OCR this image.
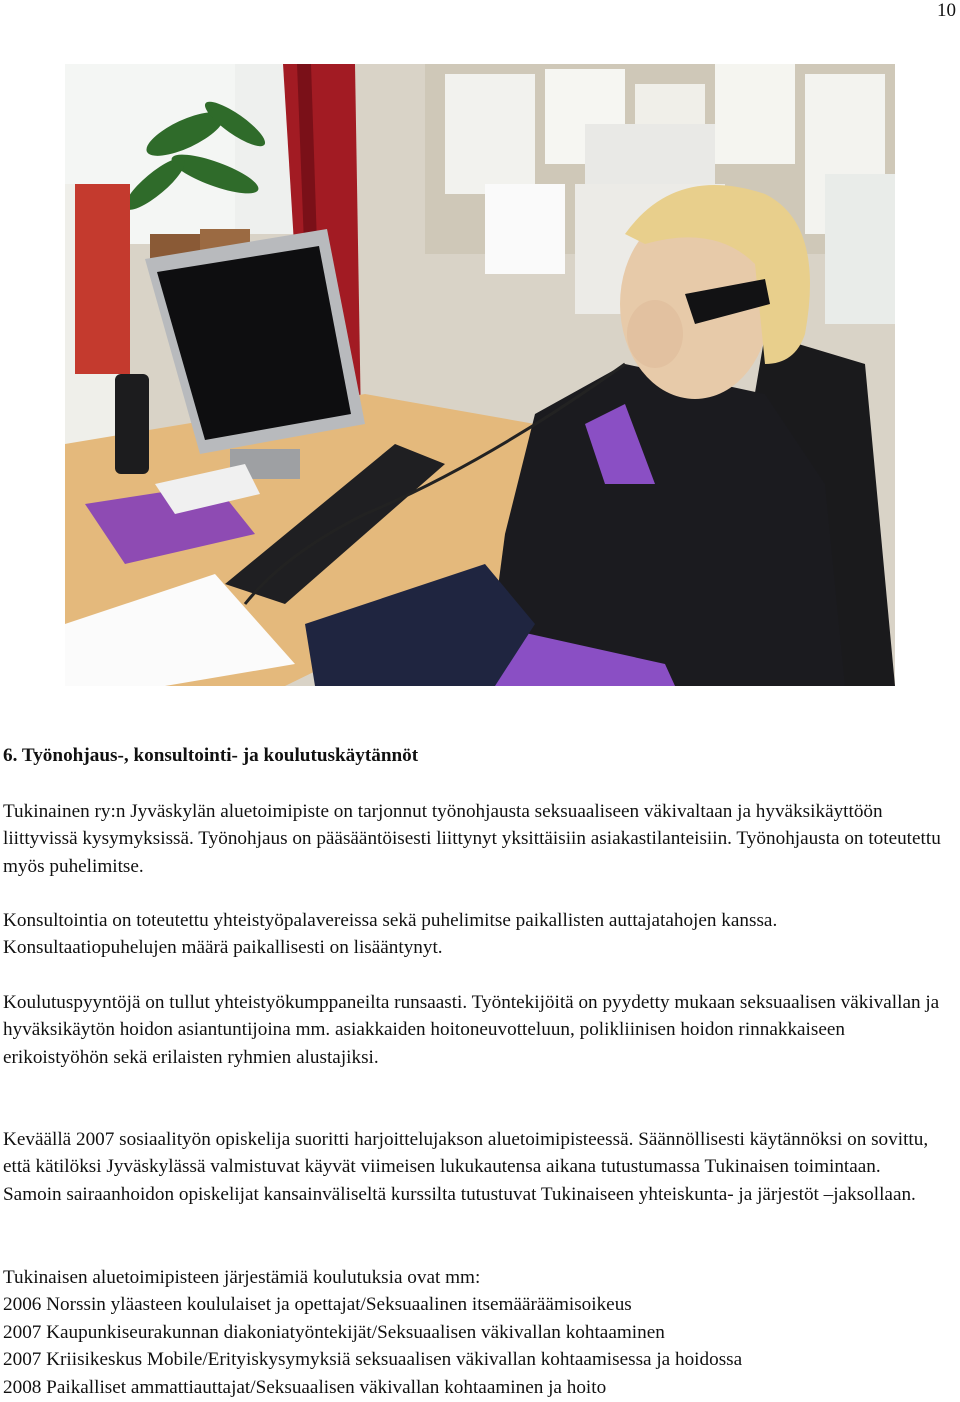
10
6. Työnohjaus-, konsultointi- ja koulutuskäytännöt

Tukinainen ry:n Jyväskylän aluetoimipiste on tarjonnut työnohjausta seksuaaliseen väkivaltaan ja hyväksikäyttöön liittyvissä kysymyksissä. Työnohjaus on pääsääntöisesti liittynyt yksittäisiin asiakastilanteisiin. Työnohjausta on toteutettu myös puhelimitse.

Konsultointia on toteutettu yhteistyöpalavereissa sekä puhelimitse paikallisten auttajatahojen kanssa. Konsultaatiopuhelujen määrä paikallisesti on lisääntynyt.

Koulutuspyyntöjä on tullut yhteistyökumppaneilta runsaasti. Työntekijöitä on pyydetty mukaan seksuaalisen väkivallan ja hyväksikäytön hoidon asiantuntijoina mm. asiakkaiden hoitoneuvotteluun, polikliinisen hoidon rinnakkaiseen erikoistyöhön sekä erilaisten ryhmien alustajiksi.

Keväällä 2007 sosiaalityön opiskelija suoritti harjoittelujakson aluetoimipisteessä. Säännöllisesti käytännöksi on sovittu, että kätilöksi Jyväskylässä valmistuvat käyvät viimeisen lukukautensa aikana tutustumassa Tukinaisen toimintaan. Samoin sairaanhoidon opiskelijat kansainväliseltä kurssilta tutustuvat Tukinaiseen yhteiskunta- ja järjestöt –jaksollaan.

Tukinaisen aluetoimipisteen järjestämiä koulutuksia ovat mm:

2006 Norssin yläasteen koululaiset ja opettajat/Seksuaalinen itsemääräämisoikeus

2007 Kaupunkiseurakunnan diakoniatyöntekijät/Seksuaalisen väkivallan kohtaaminen

2007 Kriisikeskus Mobile/Erityiskysymyksiä seksuaalisen väkivallan kohtaamisessa ja hoidossa

2008 Paikalliset ammattiauttajat/Seksuaalisen väkivallan kohtaaminen ja hoito
